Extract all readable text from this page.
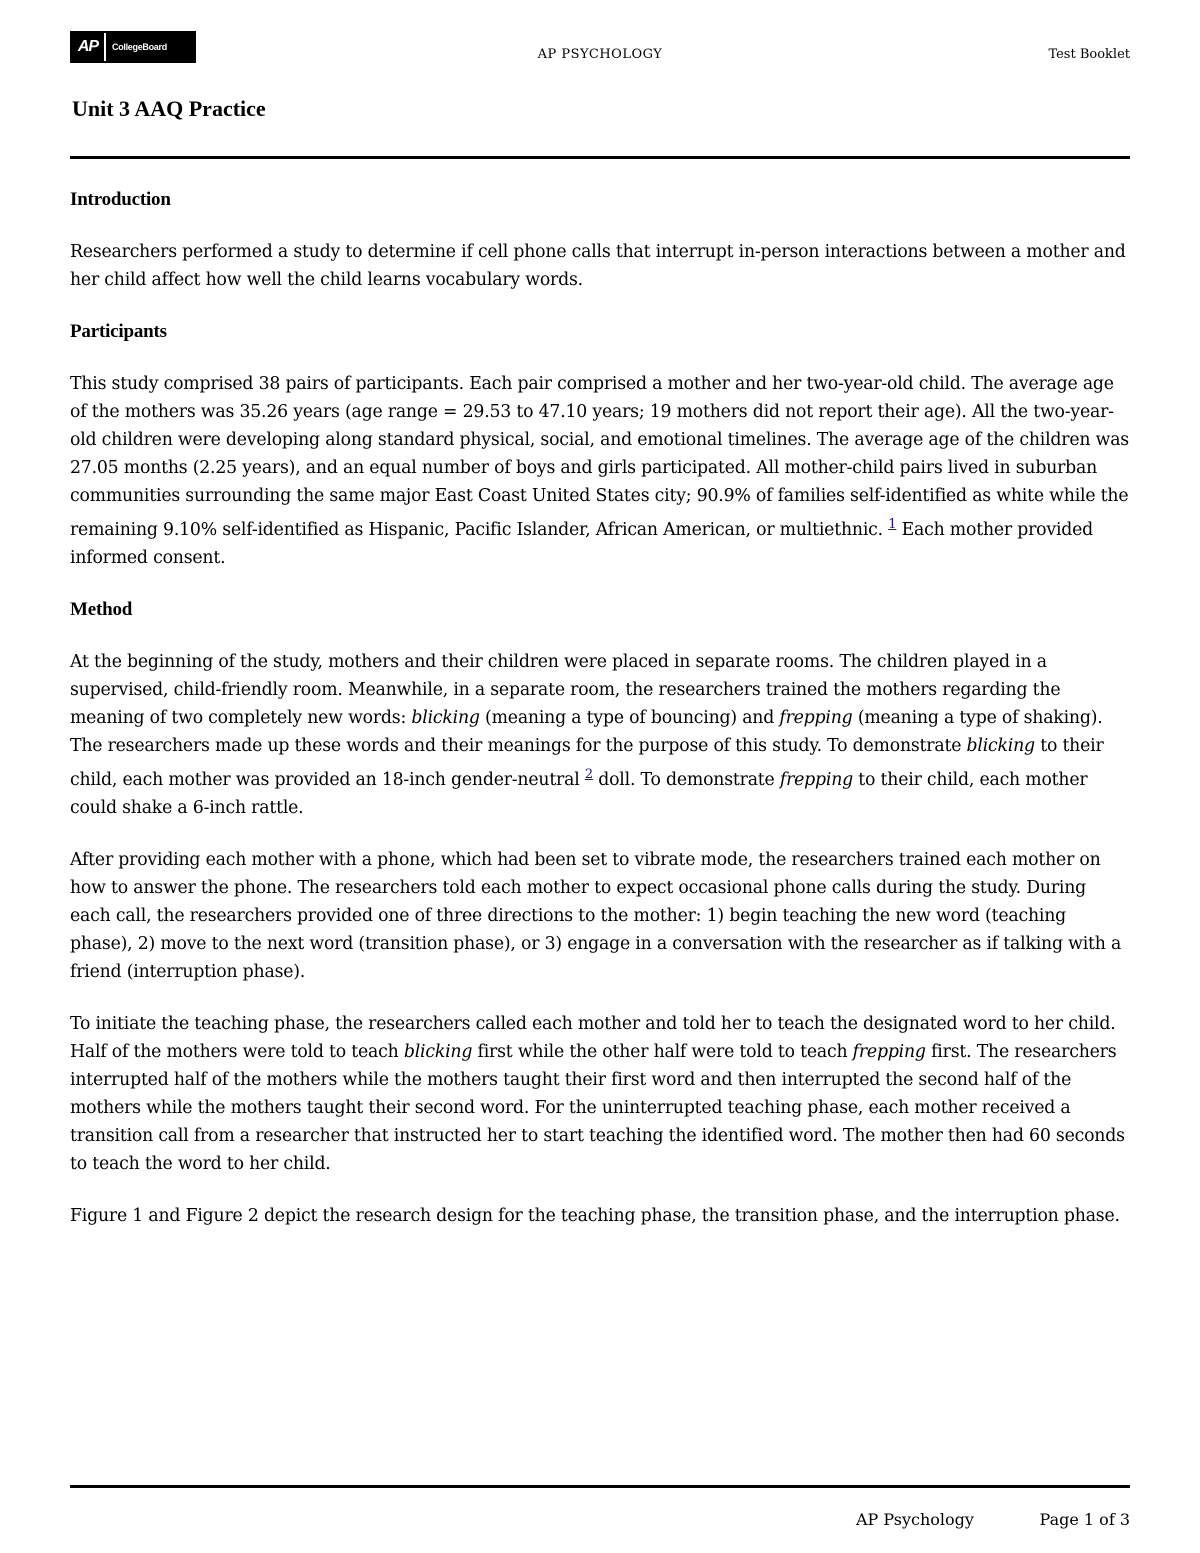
AP	CollegeBoard	AP PSYCHOLOGY	Test Booklet
Unit 3 AAQ Practice
Introduction

Researchers performed a study to determine if cell phone calls that interrupt in-person interactions between a mother and her child affect how well the child learns vocabulary words.

Participants

This study comprised 38 pairs of participants. Each pair comprised a mother and her two-year-old child. The average age of the mothers was 35.26 years (age range = 29.53 to 47.10 years; 19 mothers did not report their age). All the two-year-old children were developing along standard physical, social, and emotional timelines. The average age of the children was 27.05 months (2.25 years), and an equal number of boys and girls participated. All mother-child pairs lived in suburban communities surrounding the same major East Coast United States city; 90.9% of families self-identified as white while the remaining 9.10% self-identified as Hispanic, Pacific Islander, African American, or multiethnic. $^1$ Each mother provided informed consent.

Method

At the beginning of the study, mothers and their children were placed in separate rooms. The children played in a supervised, child-friendly room. Meanwhile, in a separate room, the researchers trained the mothers regarding the meaning of two completely new words: blicking (meaning a type of bouncing) and frepping (meaning a type of shaking). The researchers made up these words and their meanings for the purpose of this study. To demonstrate blicking to their child, each mother was provided an 18-inch gender-neutral $^2$ doll. To demonstrate frepping to their child, each mother could shake a 6-inch rattle.

After providing each mother with a phone, which had been set to vibrate mode, the researchers trained each mother on how to answer the phone. The researchers told each mother to expect occasional phone calls during the study. During each call, the researchers provided one of three directions to the mother: 1) begin teaching the new word (teaching phase), 2) move to the next word (transition phase), or 3) engage in a conversation with the researcher as if talking with a friend (interruption phase).

To initiate the teaching phase, the researchers called each mother and told her to teach the designated word to her child. Half of the mothers were told to teach blicking first while the other half were told to teach frepping first. The researchers interrupted half of the mothers while the mothers taught their first word and then interrupted the second half of the mothers while the mothers taught their second word. For the uninterrupted teaching phase, each mother received a transition call from a researcher that instructed her to start teaching the identified word. The mother then had 60 seconds to teach the word to her child.

Figure 1 and Figure 2 depict the research design for the teaching phase, the transition phase, and the interruption phase.

AP Psychology	Page 1 of 3
